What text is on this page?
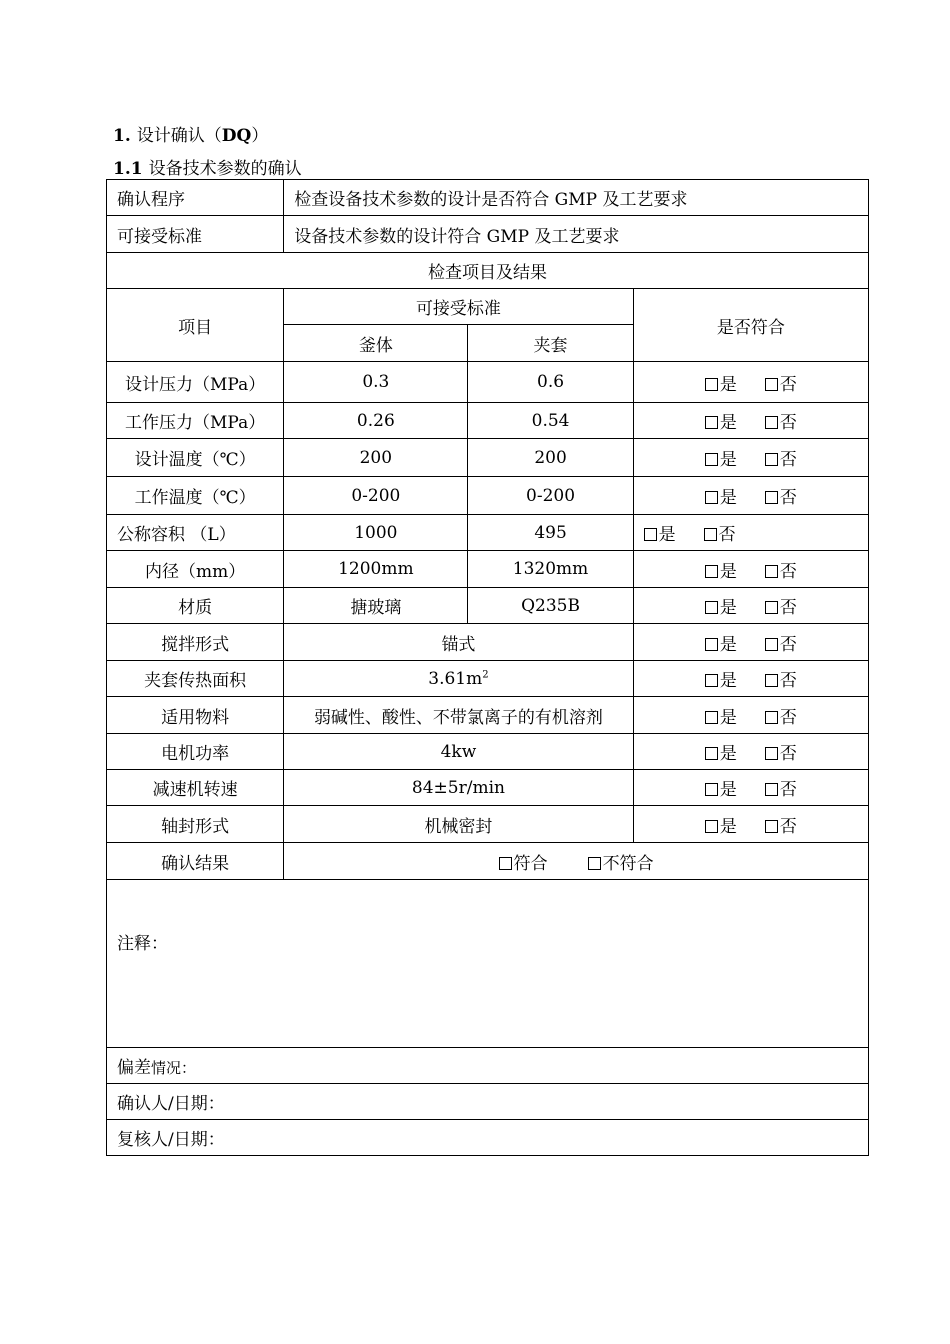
1. 设计确认（DQ）
1.1 设备技术参数的确认
确认程序	检查设备技术参数的设计是否符合 GMP 及工艺要求		
可接受标准	设备技术参数的设计符合 GMP 及工艺要求		
检查项目及结果			
项目	可接受标准		是否符合
	釜体	夹套	
设计压力（MPa）	0.3	0.6	是 否
工作压力（MPa）	0.26	0.54	是 否
设计温度（℃）	200	200	是 否
工作温度（℃）	0-200	0-200	是 否
公称容积 （L）	1000	495	是 否
内径（mm）	1200mm	1320mm	是 否
材质	搪玻璃	Q235B	是 否
搅拌形式	锚式		是 否
夹套传热面积	$3.61m^2$		是 否
适用物料	弱碱性、酸性、不带氯离子的有机溶剂		是 否
电机功率	4kw		是 否
减速机转速	84±5r/min		是 否
轴封形式	机械密封		是 否
确认结果	符合 不符合		
注释：			
偏差情况：			
确认人/日期：			
复核人/日期：			
